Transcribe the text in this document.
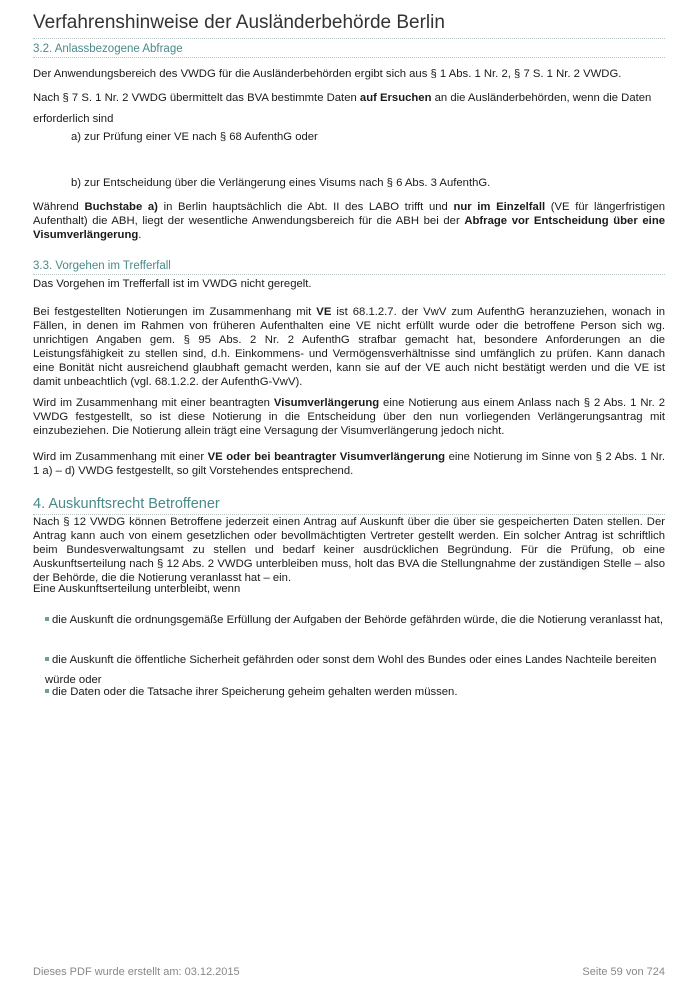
Verfahrenshinweise der Ausländerbehörde Berlin
3.2. Anlassbezogene Abfrage

Der Anwendungsbereich des VWDG für die Ausländerbehörden ergibt sich aus § 1 Abs. 1 Nr. 2, § 7 S. 1 Nr. 2 VWDG.

Nach § 7 S. 1 Nr. 2 VWDG übermittelt das BVA bestimmte Daten auf Ersuchen an die Ausländerbehörden, wenn die Daten erforderlich sind

a) zur Prüfung einer VE nach § 68 AufenthG oder

b) zur Entscheidung über die Verlängerung eines Visums nach § 6 Abs. 3 AufenthG.

Während Buchstabe a) in Berlin hauptsächlich die Abt. II des LABO trifft und nur im Einzelfall (VE für längerfristigen Aufenthalt) die ABH, liegt der wesentliche Anwendungsbereich für die ABH bei der Abfrage vor Entscheidung über eine Visumverlängerung.

3.3. Vorgehen im Trefferfall

Das Vorgehen im Trefferfall ist im VWDG nicht geregelt.

Bei festgestellten Notierungen im Zusammenhang mit VE ist 68.1.2.7. der VwV zum AufenthG heranzuziehen, wonach in Fällen, in denen im Rahmen von früheren Aufenthalten eine VE nicht erfüllt wurde oder die betroffene Person sich wg. unrichtigen Angaben gem. § 95 Abs. 2 Nr. 2 AufenthG strafbar gemacht hat, besondere Anforderungen an die Leistungsfähigkeit zu stellen sind, d.h. Einkommens- und Vermögensverhältnisse sind umfänglich zu prüfen. Kann danach eine Bonität nicht ausreichend glaubhaft gemacht werden, kann sie auf der VE auch nicht bestätigt werden und die VE ist damit unbeachtlich (vgl. 68.1.2.2. der AufenthG-VwV).

Wird im Zusammenhang mit einer beantragten Visumverlängerung eine Notierung aus einem Anlass nach § 2 Abs. 1 Nr. 2 VWDG festgestellt, so ist diese Notierung in die Entscheidung über den nun vorliegenden Verlängerungsantrag mit einzubeziehen. Die Notierung allein trägt eine Versagung der Visumverlängerung jedoch nicht.

Wird im Zusammenhang mit einer VE oder bei beantragter Visumverlängerung eine Notierung im Sinne von § 2 Abs. 1 Nr. 1 a) – d) VWDG festgestellt, so gilt Vorstehendes entsprechend.

4. Auskunftsrecht Betroffener

Nach § 12 VWDG können Betroffene jederzeit einen Antrag auf Auskunft über die über sie gespeicherten Daten stellen. Der Antrag kann auch von einem gesetzlichen oder bevollmächtigten Vertreter gestellt werden. Ein solcher Antrag ist schriftlich beim Bundesverwaltungsamt zu stellen und bedarf keiner ausdrücklichen Begründung. Für die Prüfung, ob eine Auskunftserteilung nach § 12 Abs. 2 VWDG unterbleiben muss, holt das BVA die Stellungnahme der zuständigen Stelle – also der Behörde, die die Notierung veranlasst hat – ein.

Eine Auskunftserteilung unterbleibt, wenn

die Auskunft die ordnungsgemäße Erfüllung der Aufgaben der Behörde gefährden würde, die die Notierung veranlasst hat,
die Auskunft die öffentliche Sicherheit gefährden oder sonst dem Wohl des Bundes oder eines Landes Nachteile bereiten würde oder
die Daten oder die Tatsache ihrer Speicherung geheim gehalten werden müssen.
Dieses PDF wurde erstellt am: 03.12.2015	Seite 59 von 724
